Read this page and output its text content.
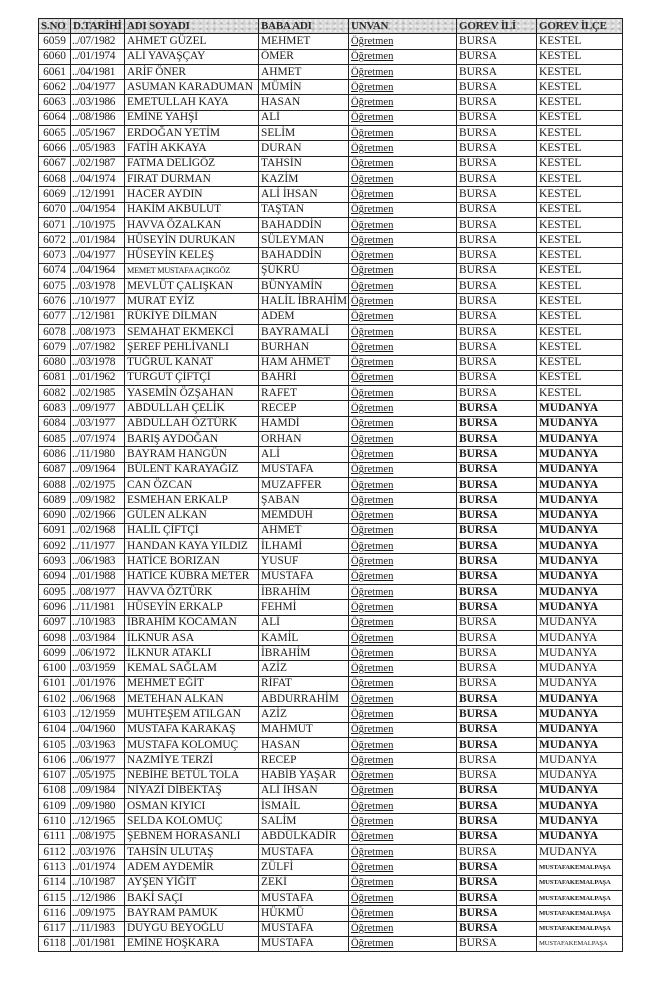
S.NO	D.TARİHİ	ADI SOYADI	BABA ADI	UNVAN	GOREV İLİ	GOREV İLÇE
6059	../07/1982	AHMET GÜZEL	MEHMET	Öğretmen	BURSA	KESTEL
6060	../01/1974	ALİ YAVAŞÇAY	ÖMER	Öğretmen	BURSA	KESTEL
6061	../04/1981	ARİF ÖNER	AHMET	Öğretmen	BURSA	KESTEL
6062	../04/1977	ASUMAN KARADUMAN	MÜMİN	Öğretmen	BURSA	KESTEL
6063	../03/1986	EMETULLAH KAYA	HASAN	Öğretmen	BURSA	KESTEL
6064	../08/1986	EMİNE YAHŞİ	ALİ	Öğretmen	BURSA	KESTEL
6065	../05/1967	ERDOĞAN YETİM	SELİM	Öğretmen	BURSA	KESTEL
6066	../05/1983	FATİH AKKAYA	DURAN	Öğretmen	BURSA	KESTEL
6067	../02/1987	FATMA DELİGÖZ	TAHSİN	Öğretmen	BURSA	KESTEL
6068	../04/1974	FIRAT DURMAN	KAZİM	Öğretmen	BURSA	KESTEL
6069	../12/1991	HACER AYDIN	ALİ İHSAN	Öğretmen	BURSA	KESTEL
6070	../04/1954	HAKİM AKBULUT	TAŞTAN	Öğretmen	BURSA	KESTEL
6071	../10/1975	HAVVA ÖZALKAN	BAHADDİN	Öğretmen	BURSA	KESTEL
6072	../01/1984	HÜSEYİN DURUKAN	SÜLEYMAN	Öğretmen	BURSA	KESTEL
6073	../04/1977	HÜSEYİN KELEŞ	BAHADDİN	Öğretmen	BURSA	KESTEL
6074	../04/1964	MEMET MUSTAFA AÇIKGÖZ	ŞÜKRÜ	Öğretmen	BURSA	KESTEL
6075	../03/1978	MEVLÜT ÇALIŞKAN	BÜNYAMİN	Öğretmen	BURSA	KESTEL
6076	../10/1977	MURAT EYİZ	HALİL İBRAHİM	Öğretmen	BURSA	KESTEL
6077	../12/1981	RÜKİYE DİLMAN	ADEM	Öğretmen	BURSA	KESTEL
6078	../08/1973	SEMAHAT EKMEKCİ	BAYRAMALİ	Öğretmen	BURSA	KESTEL
6079	../07/1982	ŞEREF PEHLİVANLI	BURHAN	Öğretmen	BURSA	KESTEL
6080	../03/1978	TUĞRUL KANAT	HAM AHMET	Öğretmen	BURSA	KESTEL
6081	../01/1962	TURGUT ÇİFTÇİ	BAHRİ	Öğretmen	BURSA	KESTEL
6082	../02/1985	YASEMİN ÖZŞAHAN	RAFET	Öğretmen	BURSA	KESTEL
6083	../09/1977	ABDULLAH ÇELİK	RECEP	Öğretmen	BURSA	MUDANYA
6084	../03/1977	ABDULLAH ÖZTÜRK	HAMDİ	Öğretmen	BURSA	MUDANYA
6085	../07/1974	BARIŞ AYDOĞAN	ORHAN	Öğretmen	BURSA	MUDANYA
6086	../11/1980	BAYRAM HANGÜN	ALİ	Öğretmen	BURSA	MUDANYA
6087	../09/1964	BÜLENT KARAYAĞIZ	MUSTAFA	Öğretmen	BURSA	MUDANYA
6088	../02/1975	CAN ÖZCAN	MUZAFFER	Öğretmen	BURSA	MUDANYA
6089	../09/1982	ESMEHAN ERKALP	ŞABAN	Öğretmen	BURSA	MUDANYA
6090	../02/1966	GÜLEN ALKAN	MEMDUH	Öğretmen	BURSA	MUDANYA
6091	../02/1968	HALİL ÇİFTÇİ	AHMET	Öğretmen	BURSA	MUDANYA
6092	../11/1977	HANDAN KAYA YILDIZ	İLHAMİ	Öğretmen	BURSA	MUDANYA
6093	../06/1983	HATİCE BORIZAN	YUSUF	Öğretmen	BURSA	MUDANYA
6094	../01/1988	HATİCE KÜBRA METER	MUSTAFA	Öğretmen	BURSA	MUDANYA
6095	../08/1977	HAVVA ÖZTÜRK	İBRAHİM	Öğretmen	BURSA	MUDANYA
6096	../11/1981	HÜSEYİN ERKALP	FEHMİ	Öğretmen	BURSA	MUDANYA
6097	../10/1983	İBRAHİM KOCAMAN	ALİ	Öğretmen	BURSA	MUDANYA
6098	../03/1984	İLKNUR ASA	KAMİL	Öğretmen	BURSA	MUDANYA
6099	../06/1972	İLKNUR ATAKLI	İBRAHİM	Öğretmen	BURSA	MUDANYA
6100	../03/1959	KEMAL SAĞLAM	AZİZ	Öğretmen	BURSA	MUDANYA
6101	../01/1976	MEHMET EĞİT	RİFAT	Öğretmen	BURSA	MUDANYA
6102	../06/1968	METEHAN ALKAN	ABDURRAHİM	Öğretmen	BURSA	MUDANYA
6103	../12/1959	MUHTEŞEM ATILGAN	AZİZ	Öğretmen	BURSA	MUDANYA
6104	../04/1960	MUSTAFA KARAKAŞ	MAHMUT	Öğretmen	BURSA	MUDANYA
6105	../03/1963	MUSTAFA KOLOMUÇ	HASAN	Öğretmen	BURSA	MUDANYA
6106	../06/1977	NAZMİYE TERZİ	RECEP	Öğretmen	BURSA	MUDANYA
6107	../05/1975	NEBİHE BETÜL TOLA	HABİB YAŞAR	Öğretmen	BURSA	MUDANYA
6108	../09/1984	NİYAZİ DİBEKTAŞ	ALİ İHSAN	Öğretmen	BURSA	MUDANYA
6109	../09/1980	OSMAN KIYICI	İSMAİL	Öğretmen	BURSA	MUDANYA
6110	../12/1965	SELDA KOLOMUÇ	SALİM	Öğretmen	BURSA	MUDANYA
6111	../08/1975	ŞEBNEM HORASANLI	ABDÜLKADİR	Öğretmen	BURSA	MUDANYA
6112	../03/1976	TAHSİN ULUTAŞ	MUSTAFA	Öğretmen	BURSA	MUDANYA
6113	../01/1974	ADEM AYDEMİR	ZÜLFİ	Öğretmen	BURSA	MUSTAFAKEMALPAŞA
6114	../10/1987	AYŞEN YİĞİT	ZEKİ	Öğretmen	BURSA	MUSTAFAKEMALPAŞA
6115	../12/1986	BAKİ SAÇI	MUSTAFA	Öğretmen	BURSA	MUSTAFAKEMALPAŞA
6116	../09/1975	BAYRAM PAMUK	HÜKMÜ	Öğretmen	BURSA	MUSTAFAKEMALPAŞA
6117	../11/1983	DUYGU BEYOĞLU	MUSTAFA	Öğretmen	BURSA	MUSTAFAKEMALPAŞA
6118	../01/1981	EMİNE HOŞKARA	MUSTAFA	Öğretmen	BURSA	MUSTAFAKEMALPAŞA
